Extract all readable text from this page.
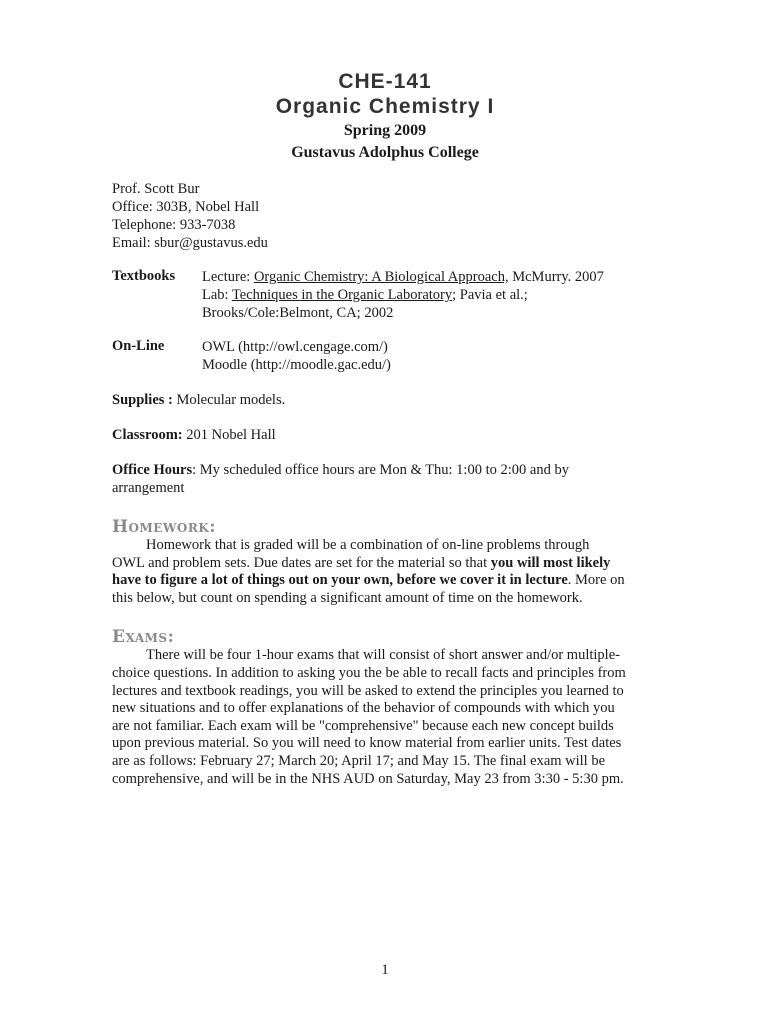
CHE-141
Organic Chemistry I
Spring 2009
Gustavus Adolphus College
Prof. Scott Bur
Office: 303B, Nobel Hall
Telephone: 933-7038
Email: sbur@gustavus.edu
Textbooks	Lecture: Organic Chemistry: A Biological Approach, McMurry. 2007
Lab: Techniques in the Organic Laboratory; Pavia et al.;
Brooks/Cole:Belmont, CA; 2002
On-Line	OWL (http://owl.cengage.com/)
Moodle (http://moodle.gac.edu/)
Supplies : Molecular models.
Classroom: 201 Nobel Hall
Office Hours: My scheduled office hours are Mon & Thu: 1:00 to 2:00 and by
arrangement
Homework:
Homework that is graded will be a combination of on-line problems through
OWL and problem sets. Due dates are set for the material so that you will most likely
have to figure a lot of things out on your own, before we cover it in lecture. More on
this below, but count on spending a significant amount of time on the homework.
Exams:
There will be four 1-hour exams that will consist of short answer and/or multiple-
choice questions. In addition to asking you the be able to recall facts and principles from
lectures and textbook readings, you will be asked to extend the principles you learned to
new situations and to offer explanations of the behavior of compounds with which you
are not familiar. Each exam will be "comprehensive" because each new concept builds
upon previous material. So you will need to know material from earlier units. Test dates
are as follows: February 27; March 20; April 17; and May 15. The final exam will be
comprehensive, and will be in the NHS AUD on Saturday, May 23 from 3:30 - 5:30 pm.
1
